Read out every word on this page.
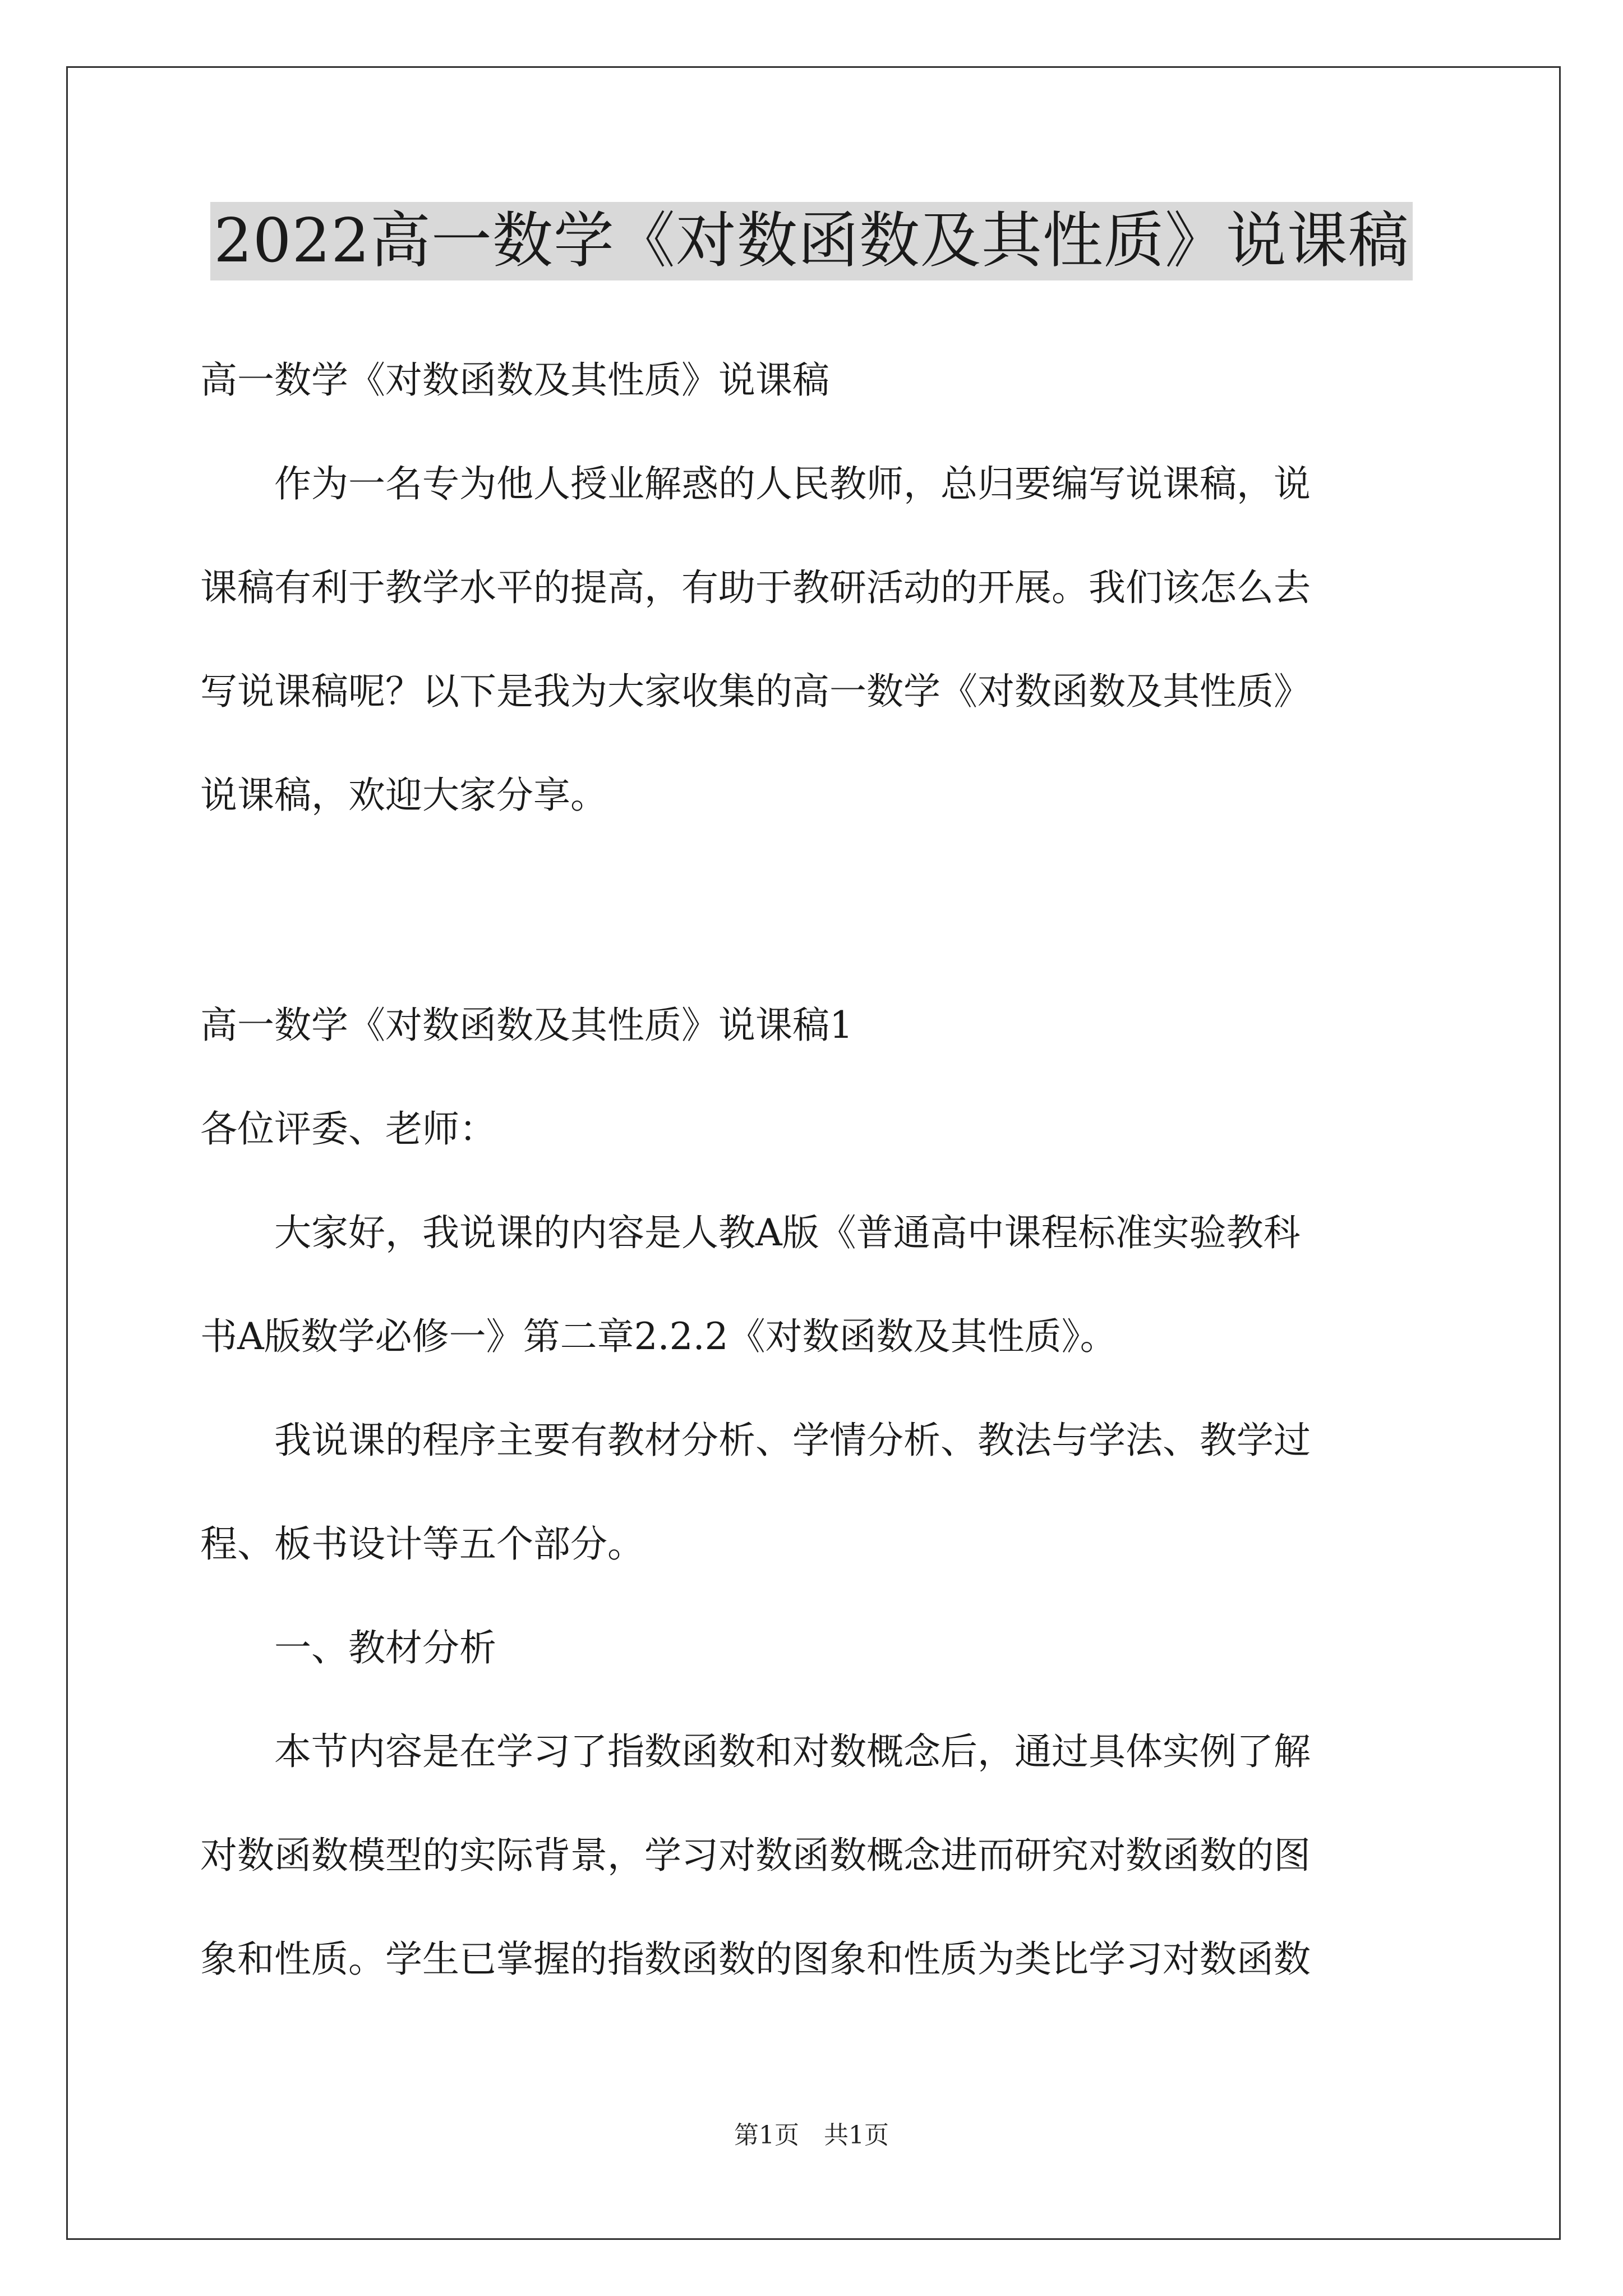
2022高一数学《对数函数及其性质》说课稿

高一数学《对数函数及其性质》说课稿

作为一名专为他人授业解惑的人民教师，总归要编写说课稿，说

课稿有利于教学水平的提高，有助于教研活动的开展。我们该怎么去

写说课稿呢？以下是我为大家收集的高一数学《对数函数及其性质》

说课稿，欢迎大家分享。

高一数学《对数函数及其性质》说课稿1

各位评委、老师：

大家好，我说课的内容是人教A版《普通高中课程标准实验教科

书A版数学必修一》第二章2.2.2《对数函数及其性质》。

我说课的程序主要有教材分析、学情分析、教法与学法、教学过

程、板书设计等五个部分。

一、教材分析

本节内容是在学习了指数函数和对数概念后，通过具体实例了解

对数函数模型的实际背景，学习对数函数概念进而研究对数函数的图

象和性质。学生已掌握的指数函数的图象和性质为类比学习对数函数

第1页　共1页
